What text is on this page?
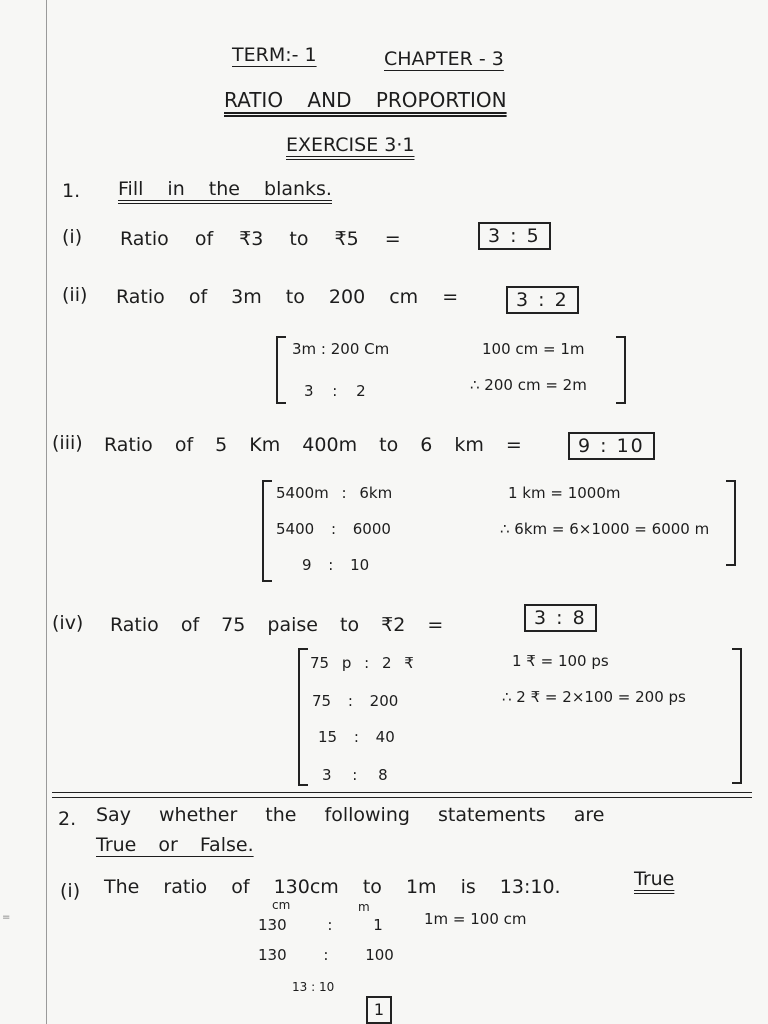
=
TERM:- 1	CHAPTER - 3
RATIO AND PROPORTION
EXERCISE 3·1
1. Fill in the blanks.
(i) Ratio of ₹3 to ₹5 =	3 : 5
(ii) Ratio of 3m to 200 cm =	3 : 2
3m : 200 Cm
3 : 2
100 cm = 1m
∴ 200 cm = 2m
(iii) Ratio of 5 Km 400m to 6 km =	9 : 10
5400m : 6km
5400 : 6000
9 : 10
1 km = 1000m
∴ 6km = 6×1000 = 6000 m
(iv) Ratio of 75 paise to ₹2 =	3 : 8
75 p : 2 ₹
75 : 200
15 : 40
3 : 8
1 ₹ = 100 ps
∴ 2 ₹ = 2×100 = 200 ps
2. Say whether the following statements are
True or False.
(i) The ratio of 130cm to 1m is 13:10.	True
cm	m
130 : 1	1m = 100 cm
130 : 100
13 : 10
1
